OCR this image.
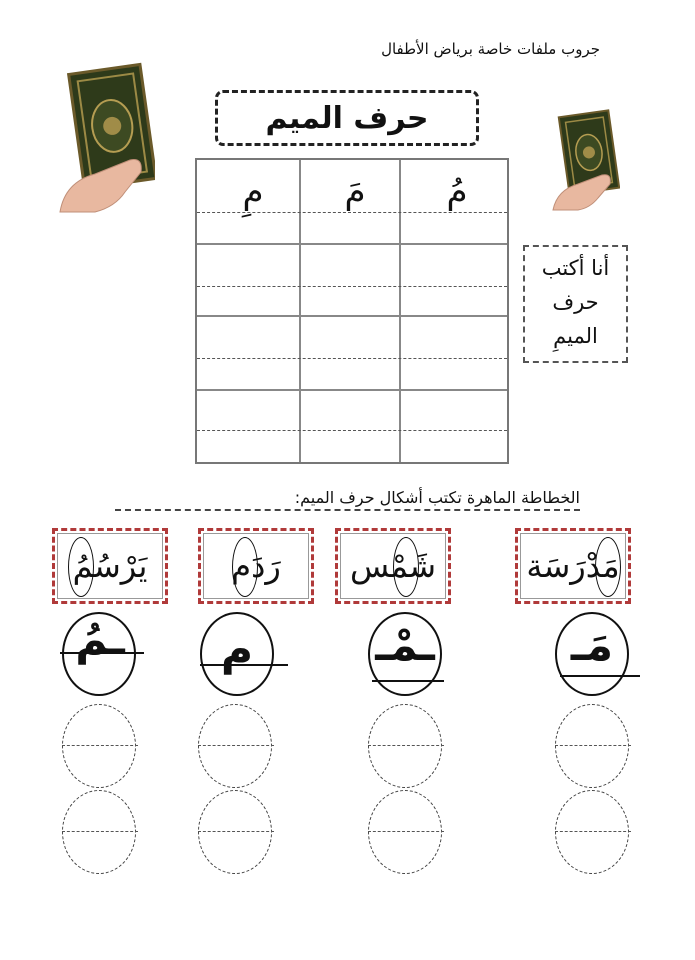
جروب ملفات خاصة برياض الأطفال
حرف الميم
مُ
مَ
مِ
أنا أكتب
حرف
الميمِ
الخطاطة الماهرة تكتب أشكال حرف الميم:
مَدْرَسَة
شَمْس
رَدَم
يَرْسُمُ
مَـ
ـمْـ
م
ـمُ
